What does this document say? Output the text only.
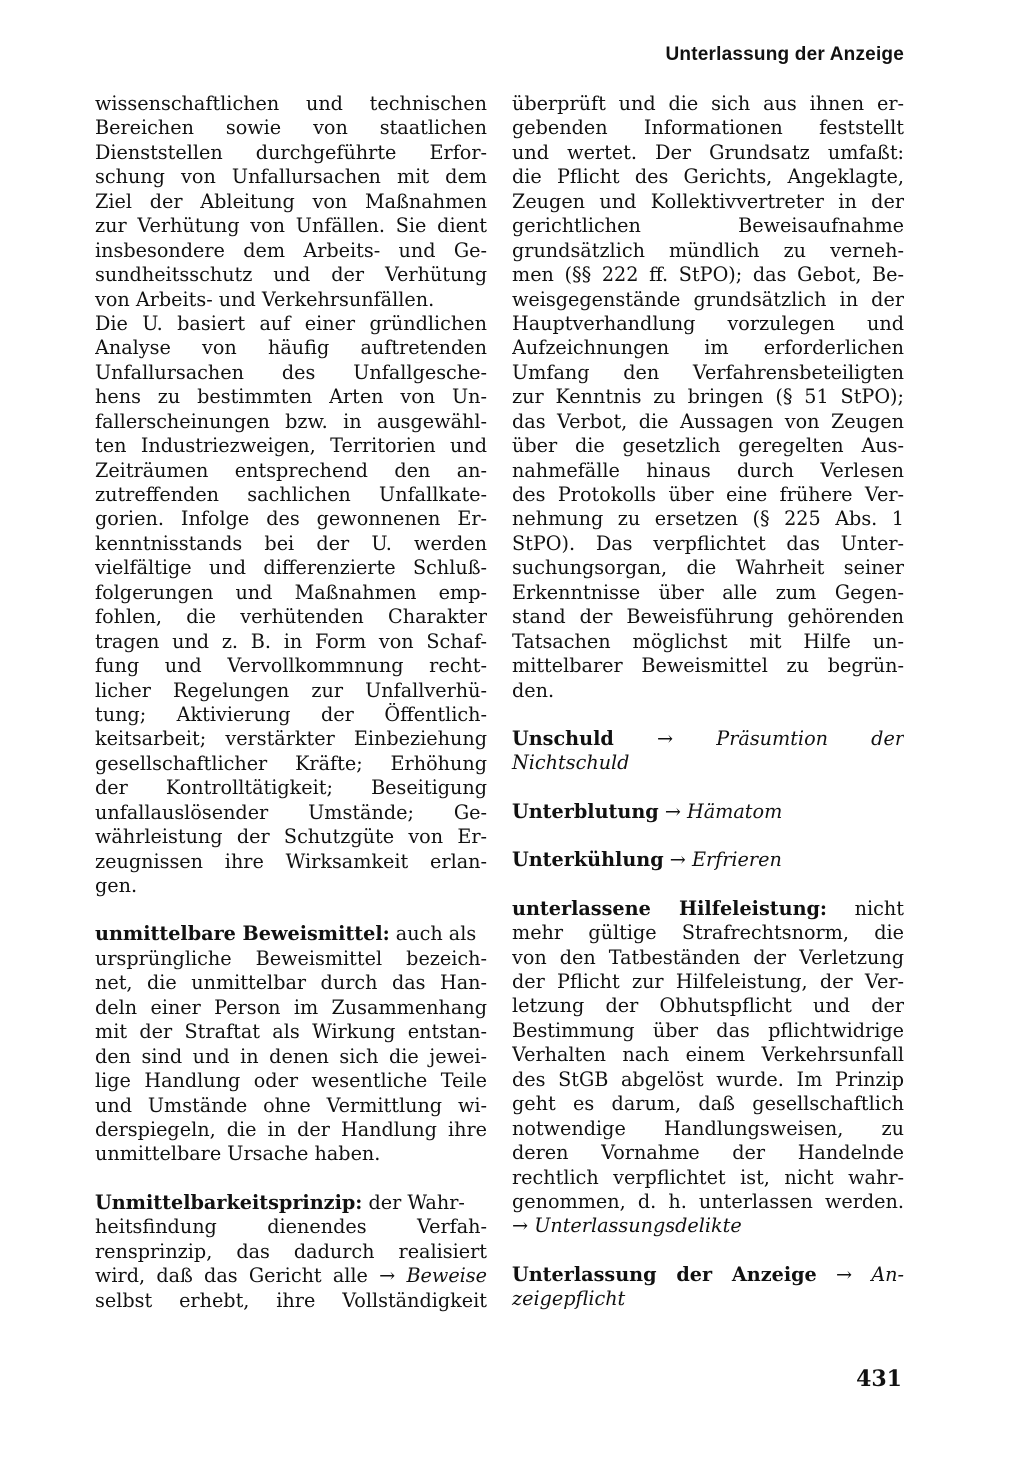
Unterlassung der Anzeige
wissenschaftlichen und technischen
Bereichen sowie von staatlichen
Dienststellen durchgeführte Erfor-
schung von Unfallursachen mit dem
Ziel der Ableitung von Maßnahmen
zur Verhütung von Unfällen. Sie dient
insbesondere dem Arbeits- und Ge-
sundheitsschutz und der Verhütung
von Arbeits- und Verkehrsunfällen.
Die U. basiert auf einer gründlichen
Analyse von häufig auftretenden
Unfallursachen des Unfallgesche-
hens zu bestimmten Arten von Un-
fallerscheinungen bzw. in ausgewähl-
ten Industriezweigen, Territorien und
Zeiträumen entsprechend den an-
zutreffenden sachlichen Unfallkate-
gorien. Infolge des gewonnenen Er-
kenntnisstands bei der U. werden
vielfältige und differenzierte Schluß-
folgerungen und Maßnahmen emp-
fohlen, die verhütenden Charakter
tragen und z. B. in Form von Schaf-
fung und Vervollkommnung recht-
licher Regelungen zur Unfallverhü-
tung; Aktivierung der Öffentlich-
keitsarbeit; verstärkter Einbeziehung
gesellschaftlicher Kräfte; Erhöhung
der Kontrolltätigkeit; Beseitigung
unfallauslösender Umstände; Ge-
währleistung der Schutzgüte von Er-
zeugnissen ihre Wirksamkeit erlan-
gen.
unmittelbare Beweismittel: auch als
ursprüngliche Beweismittel bezeich-
net, die unmittelbar durch das Han-
deln einer Person im Zusammenhang
mit der Straftat als Wirkung entstan-
den sind und in denen sich die jewei-
lige Handlung oder wesentliche Teile
und Umstände ohne Vermittlung wi-
derspiegeln, die in der Handlung ihre
unmittelbare Ursache haben.
Unmittelbarkeitsprinzip: der Wahr-
heitsfindung dienendes Verfah-
rensprinzip, das dadurch realisiert
wird, daß das Gericht alle → Beweise
selbst erhebt, ihre Vollständigkeit
überprüft und die sich aus ihnen er-
gebenden Informationen feststellt
und wertet. Der Grundsatz umfaßt:
die Pflicht des Gerichts, Angeklagte,
Zeugen und Kollektivvertreter in der
gerichtlichen Beweisaufnahme
grundsätzlich mündlich zu verneh-
men (§§ 222 ff. StPO); das Gebot, Be-
weisgegenstände grundsätzlich in der
Hauptverhandlung vorzulegen und
Aufzeichnungen im erforderlichen
Umfang den Verfahrensbeteiligten
zur Kenntnis zu bringen (§ 51 StPO);
das Verbot, die Aussagen von Zeugen
über die gesetzlich geregelten Aus-
nahmefälle hinaus durch Verlesen
des Protokolls über eine frühere Ver-
nehmung zu ersetzen (§ 225 Abs. 1
StPO). Das verpflichtet das Unter-
suchungsorgan, die Wahrheit seiner
Erkenntnisse über alle zum Gegen-
stand der Beweisführung gehörenden
Tatsachen möglichst mit Hilfe un-
mittelbarer Beweismittel zu begrün-
den.
Unschuld → Präsumtion der
Nichtschuld
Unterblutung → Hämatom
Unterkühlung → Erfrieren
unterlassene Hilfeleistung: nicht
mehr gültige Strafrechtsnorm, die
von den Tatbeständen der Verletzung
der Pflicht zur Hilfeleistung, der Ver-
letzung der Obhutspflicht und der
Bestimmung über das pflichtwidrige
Verhalten nach einem Verkehrsunfall
des StGB abgelöst wurde. Im Prinzip
geht es darum, daß gesellschaftlich
notwendige Handlungsweisen, zu
deren Vornahme der Handelnde
rechtlich verpflichtet ist, nicht wahr-
genommen, d. h. unterlassen werden.
→ Unterlassungsdelikte
Unterlassung der Anzeige → An-
zeigepflicht
431
